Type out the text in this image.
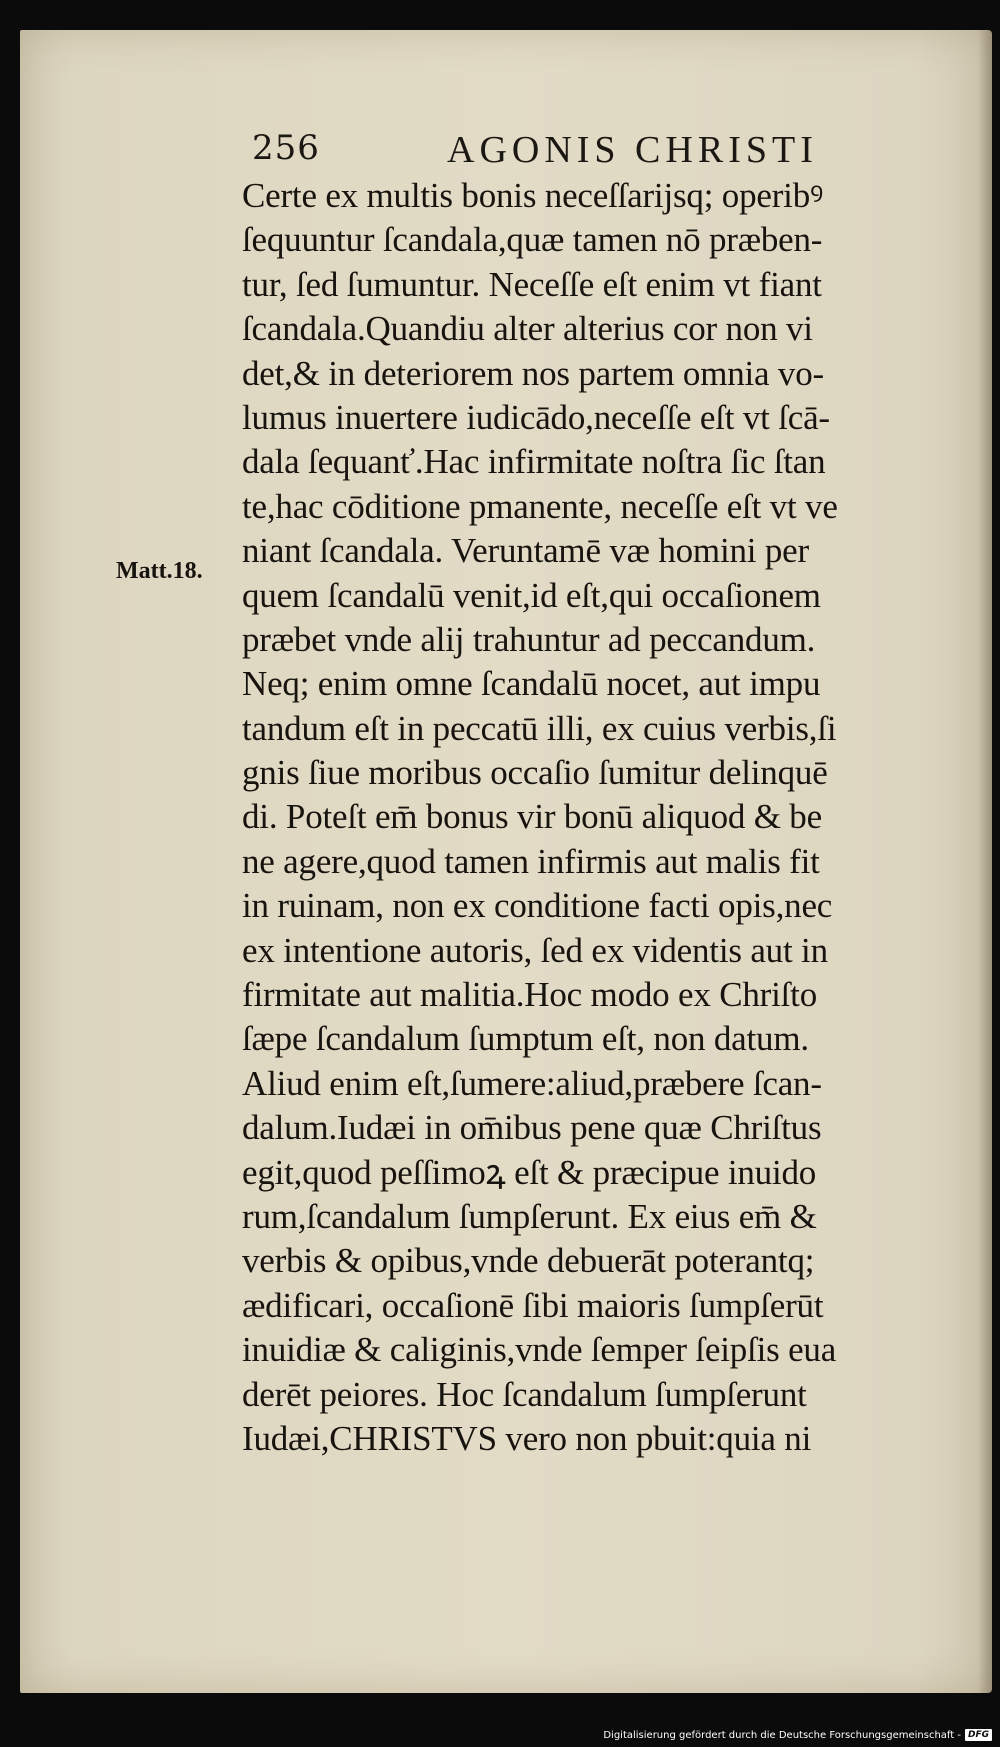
256	AGONIS CHRISTI
Matt.18.
Certe ex multis bonis neceſſarijsq; operibꝰ
ſequuntur ſcandala,quæ tamen nō præben-
tur, ſed ſumuntur. Neceſſe eſt enim vt fiant
ſcandala.Quandiu alter alterius cor non vi
det,& in deteriorem nos partem omnia vo-
lumus inuertere iudicādo,neceſſe eſt vt ſcā-
dala ſequanť.Hac infirmitate noſtra ſic ſtan
te,hac cōditione pmanente, neceſſe eſt vt ve
niant ſcandala. Veruntamē væ homini per
quem ſcandalū venit,id eſt,qui occaſionem
præbet vnde alij trahuntur ad peccandum.
Neq; enim omne ſcandalū nocet, aut impu
tandum eſt in peccatū illi, ex cuius verbis,ſi
gnis ſiue moribus occaſio ſumitur delinquē
di. Poteſt em̄ bonus vir bonū aliquod & be
ne agere,quod tamen infirmis aut malis fit
in ruinam, non ex conditione facti opis,nec
ex intentione autoris, ſed ex videntis aut in
firmitate aut malitia.Hoc modo ex Chriſto
ſæpe ſcandalum ſumptum eſt, non datum.
Aliud enim eſt,ſumere:aliud,præbere ſcan-
dalum.Iudæi in om̄ibus pene quæ Chriſtus
egit,quod peſſimoꝝ eſt & præcipue inuido
rum,ſcandalum ſumpſerunt. Ex eius em̄ &
verbis & opibus,vnde debuerāt poterantq;
ædificari, occaſionē ſibi maioris ſumpſerūt
inuidiæ & caliginis,vnde ſemper ſeipſis eua
derēt peiores. Hoc ſcandalum ſumpſerunt
Iudæi,CHRISTVS vero non pbuit:quia ni
Digitalisierung gefördert durch die Deutsche Forschungsgemeinschaft - DFG
